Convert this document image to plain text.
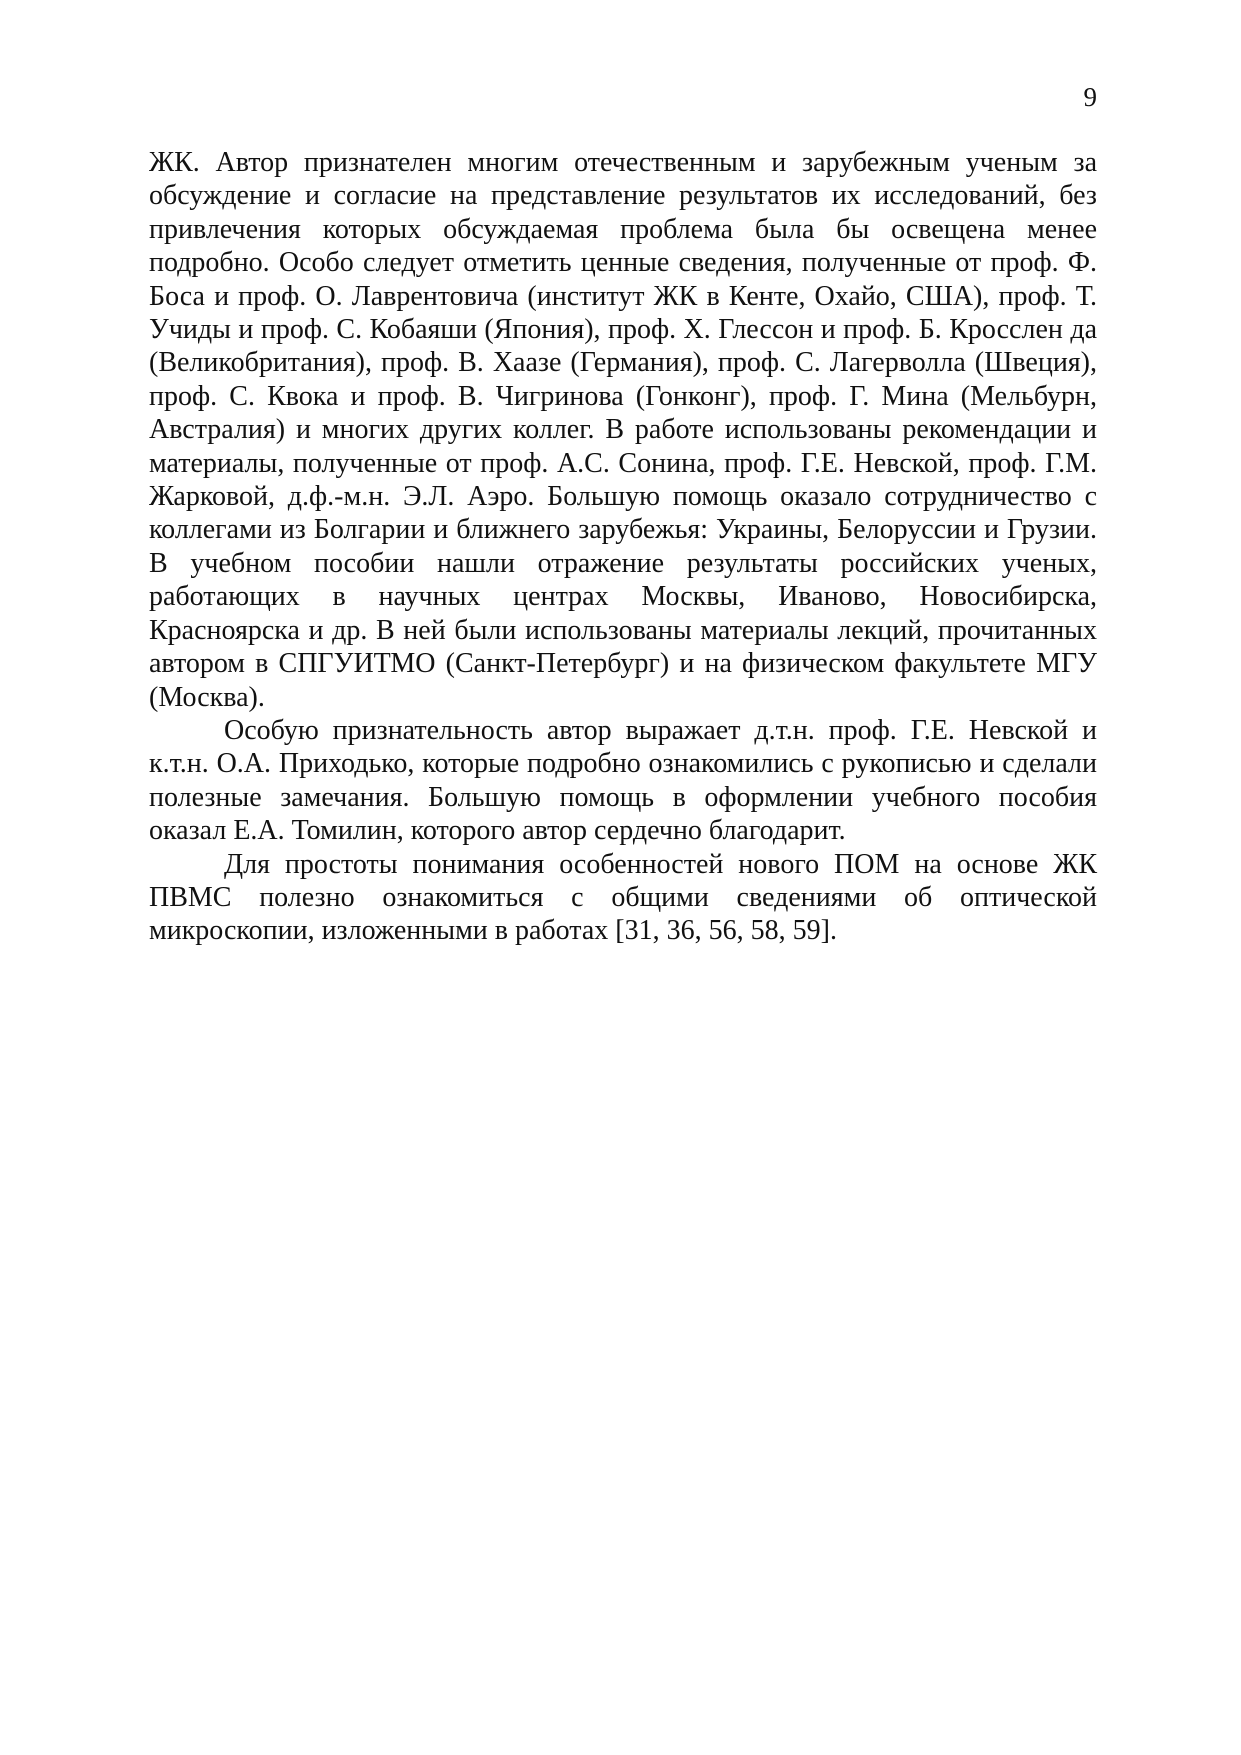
9

ЖК. Автор признателен многим отечественным и зарубежным ученым за обсуждение и согласие на представление результатов их исследований, без привлечения которых обсуждаемая проблема была бы освещена менее подробно. Особо следует отметить ценные сведения, полученные от проф. Ф. Боса и проф. О. Лаврентовича (институт ЖК в Кенте, Охайо, США), проф. Т. Учиды и проф. С. Кобаяши (Япония), проф. Х. Глессон и проф. Б. Кросслен да (Великобритания), проф. В. Хаазе (Германия), проф. С. Лагерволла (Швеция), проф. С. Квока и проф. В. Чигринова (Гонконг), проф. Г. Мина (Мельбурн, Австралия) и многих других коллег. В работе использованы рекомендации и материалы, полученные от проф. А.С. Сонина, проф. Г.Е. Невской, проф. Г.М. Жарковой, д.ф.-м.н. Э.Л. Аэро. Большую помощь оказало сотрудничество с коллегами из Болгарии и ближнего зарубежья: Украины, Белоруссии и Грузии. В учебном пособии нашли отражение результаты российских ученых, работающих в научных центрах Москвы, Иваново, Новосибирска, Красноярска и др. В ней были использованы материалы лекций, прочитанных автором в СПГУИТМО (Санкт-Петербург) и на физическом факультете МГУ (Москва).

Особую признательность автор выражает д.т.н. проф. Г.Е. Невской и к.т.н. О.А. Приходько, которые подробно ознакомились с рукописью и сделали полезные замечания. Большую помощь в оформлении учебного пособия оказал Е.А. Томилин, которого автор сердечно благодарит.

Для простоты понимания особенностей нового ПОМ на основе ЖК ПВМС полезно ознакомиться с общими сведениями об оптической микроскопии, изложенными в работах [31, 36, 56, 58, 59].
